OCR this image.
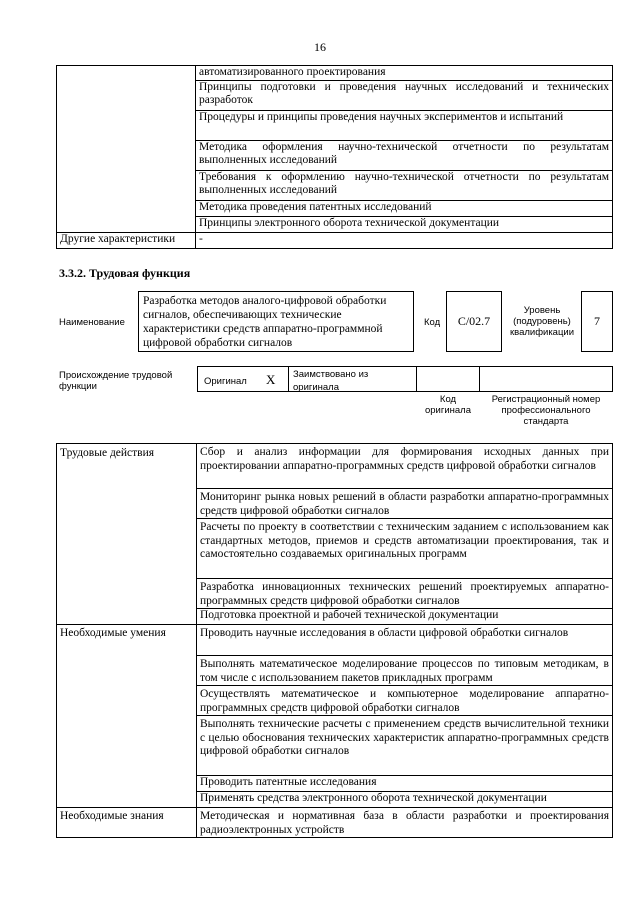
16
	автоматизированного проектирования
	Принципы подготовки и проведения научных исследований и технических разработок
	Процедуры и принципы проведения научных экспериментов и испытаний
	Методика оформления научно-технической отчетности по результатам выполненных исследований
	Требования к оформлению научно-технической отчетности по результатам выполненных исследований
	Методика проведения патентных исследований
	Принципы электронного оборота технической документации
Другие характеристики	-
3.3.2. Трудовая функция
Наименование
Разработка методов аналого-цифровой обработки сигналов, обеспечивающих технические характеристики средств аппаратно-программной цифровой обработки сигналов
Код	C/02.7
Уровень (подуровень) квалификации
7
Происхождение трудовой функции	Оригинал X	Заимствовано из оригинала
Код оригинала
Регистрационный номер профессионального стандарта
Трудовые действия	Сбор и анализ информации для формирования исходных данных при проектировании аппаратно-программных средств цифровой обработки сигналов
	Мониторинг рынка новых решений в области разработки аппаратно-программных средств цифровой обработки сигналов
	Расчеты по проекту в соответствии с техническим заданием с использованием как стандартных методов, приемов и средств автоматизации проектирования, так и самостоятельно создаваемых оригинальных программ
	Разработка инновационных технических решений проектируемых аппаратно-программных средств цифровой обработки сигналов
	Подготовка проектной и рабочей технической документации
Необходимые умения	Проводить научные исследования в области цифровой обработки сигналов
	Выполнять математическое моделирование процессов по типовым методикам, в том числе с использованием пакетов прикладных программ
	Осуществлять математическое и компьютерное моделирование аппаратно-программных средств цифровой обработки сигналов
	Выполнять технические расчеты с применением средств вычислительной техники с целью обоснования технических характеристик аппаратно-программных средств цифровой обработки сигналов
	Проводить патентные исследования
	Применять средства электронного оборота технической документации
Необходимые знания	Методическая и нормативная база в области разработки и проектирования радиоэлектронных устройств
